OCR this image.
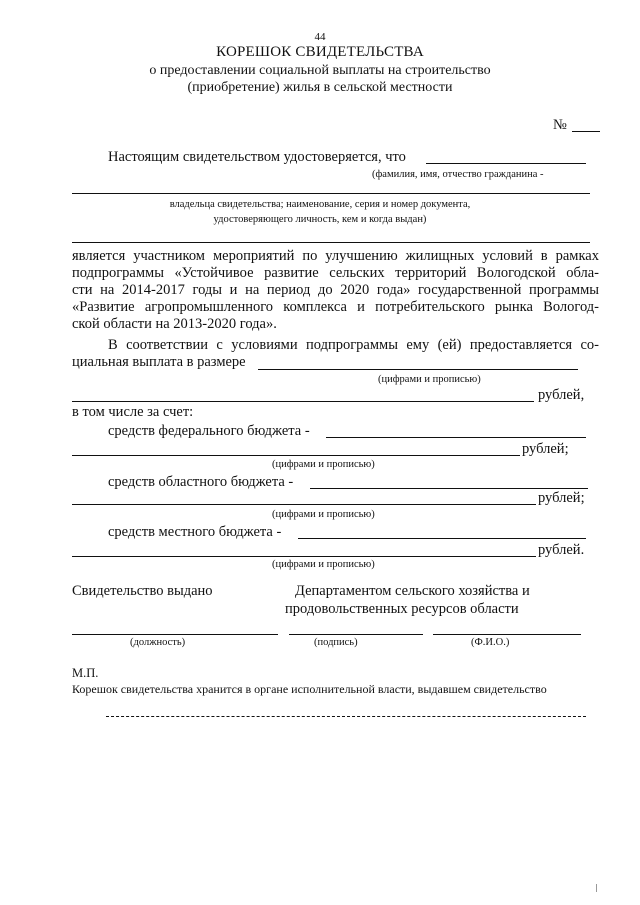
44
КОРЕШОК СВИДЕТЕЛЬСТВА
о предоставлении социальной выплаты на строительство
(приобретение) жилья в сельской местности
№
Настоящим свидетельством удостоверяется, что
(фамилия, имя, отчество гражданина -
владельца свидетельства; наименование, серия и номер документа,
удостоверяющего личность, кем и когда выдан)
является участником мероприятий по улучшению жилищных условий в рамках
подпрограммы «Устойчивое развитие сельских территорий Вологодской обла-
сти на 2014-2017 годы и на период до 2020 года» государственной программы
«Развитие агропромышленного комплекса и потребительского рынка Вологод-
ской области на 2013-2020 года».
В соответствии с условиями подпрограммы ему (ей) предоставляется со-
циальная выплата в размере
(цифрами и прописью)
рублей,
в том числе за счет:
средств федерального бюджета -
рублей;
(цифрами и прописью)
средств областного бюджета -
рублей;
(цифрами и прописью)
средств местного бюджета -
рублей.
(цифрами и прописью)
Свидетельство выдано	Департаментом сельского хозяйства и
продовольственных ресурсов области
(должность)	(подпись)	(Ф.И.О.)
М.П.
Корешок свидетельства хранится в органе исполнительной власти, выдавшем свидетельство
